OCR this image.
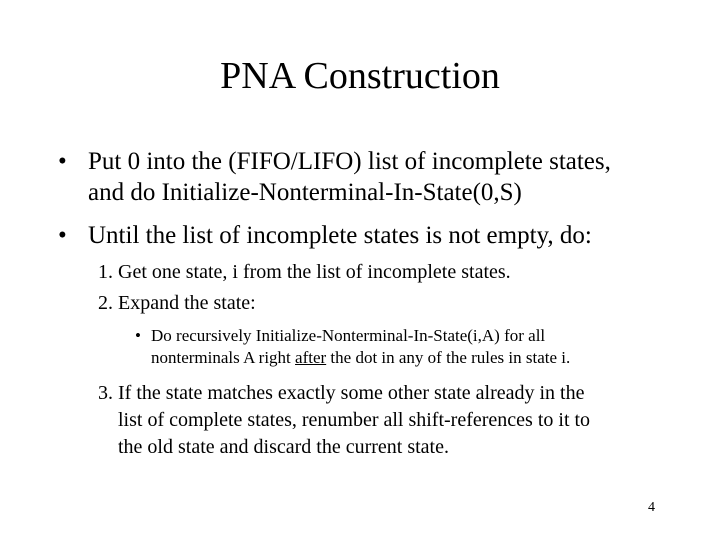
PNA Construction
• Put 0 into the (FIFO/LIFO) list of incomplete states,
and do Initialize-Nonterminal-In-State(0,S)
• Until the list of incomplete states is not empty, do:
1. Get one state, i from the list of incomplete states.
2. Expand the state:
• Do recursively Initialize-Nonterminal-In-State(i,A) for all
nonterminals A right after the dot in any of the rules in state i.
3. If the state matches exactly some other state already in the
list of complete states, renumber all shift-references to it to
the old state and discard the current state.
4
